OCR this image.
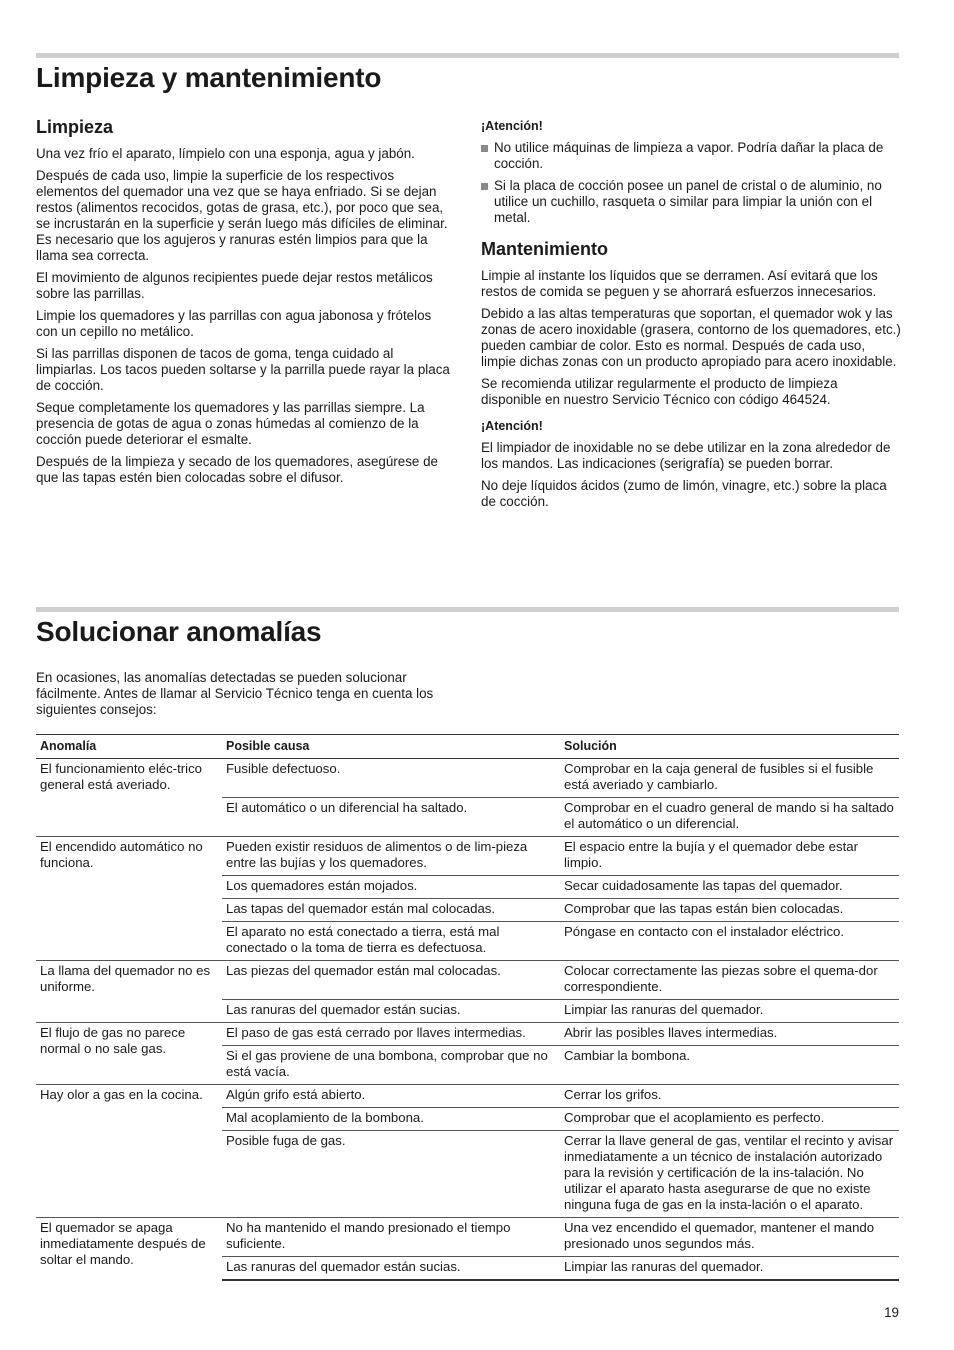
Limpieza y mantenimiento
Limpieza

Una vez frío el aparato, límpielo con una esponja, agua y jabón.

Después de cada uso, limpie la superficie de los respectivos elementos del quemador una vez que se haya enfriado. Si se dejan restos (alimentos recocidos, gotas de grasa, etc.), por poco que sea, se incrustarán en la superficie y serán luego más difíciles de eliminar. Es necesario que los agujeros y ranuras estén limpios para que la llama sea correcta.

El movimiento de algunos recipientes puede dejar restos metálicos sobre las parrillas.

Limpie los quemadores y las parrillas con agua jabonosa y frótelos con un cepillo no metálico.

Si las parrillas disponen de tacos de goma, tenga cuidado al limpiarlas. Los tacos pueden soltarse y la parrilla puede rayar la placa de cocción.

Seque completamente los quemadores y las parrillas siempre. La presencia de gotas de agua o zonas húmedas al comienzo de la cocción puede deteriorar el esmalte.

Después de la limpieza y secado de los quemadores, asegúrese de que las tapas estén bien colocadas sobre el difusor.

¡Atención!

No utilice máquinas de limpieza a vapor. Podría dañar la placa de cocción.

Si la placa de cocción posee un panel de cristal o de aluminio, no utilice un cuchillo, rasqueta o similar para limpiar la unión con el metal.

Mantenimiento

Limpie al instante los líquidos que se derramen. Así evitará que los restos de comida se peguen y se ahorrará esfuerzos innecesarios.

Debido a las altas temperaturas que soportan, el quemador wok y las zonas de acero inoxidable (grasera, contorno de los quemadores, etc.) pueden cambiar de color. Esto es normal. Después de cada uso, limpie dichas zonas con un producto apropiado para acero inoxidable.

Se recomienda utilizar regularmente el producto de limpieza disponible en nuestro Servicio Técnico con código 464524.

¡Atención!

El limpiador de inoxidable no se debe utilizar en la zona alrededor de los mandos. Las indicaciones (serigrafía) se pueden borrar.

No deje líquidos ácidos (zumo de limón, vinagre, etc.) sobre la placa de cocción.

Solucionar anomalías
En ocasiones, las anomalías detectadas se pueden solucionar fácilmente. Antes de llamar al Servicio Técnico tenga en cuenta los siguientes consejos:
Anomalía	Posible causa	Solución
El funcionamiento eléc-trico general está averiado.	Fusible defectuoso.	Comprobar en la caja general de fusibles si el fusible está averiado y cambiarlo.
	El automático o un diferencial ha saltado.	Comprobar en el cuadro general de mando si ha saltado el automático o un diferencial.
El encendido automático no funciona.	Pueden existir residuos de alimentos o de lim-pieza entre las bujías y los quemadores.	El espacio entre la bujía y el quemador debe estar limpio.
	Los quemadores están mojados.	Secar cuidadosamente las tapas del quemador.
	Las tapas del quemador están mal colocadas.	Comprobar que las tapas están bien colocadas.
	El aparato no está conectado a tierra, está mal conectado o la toma de tierra es defectuosa.	Póngase en contacto con el instalador eléctrico.
La llama del quemador no es uniforme.	Las piezas del quemador están mal colocadas.	Colocar correctamente las piezas sobre el quema-dor correspondiente.
	Las ranuras del quemador están sucias.	Limpiar las ranuras del quemador.
El flujo de gas no parece normal o no sale gas.	El paso de gas está cerrado por llaves intermedias.	Abrir las posibles llaves intermedias.
	Si el gas proviene de una bombona, comprobar que no está vacía.	Cambiar la bombona.
Hay olor a gas en la cocina.	Algún grifo está abierto.	Cerrar los grifos.
	Mal acoplamiento de la bombona.	Comprobar que el acoplamiento es perfecto.
	Posible fuga de gas.	Cerrar la llave general de gas, ventilar el recinto y avisar inmediatamente a un técnico de instalación autorizado para la revisión y certificación de la ins-talación. No utilizar el aparato hasta asegurarse de que no existe ninguna fuga de gas en la insta-lación o el aparato.
El quemador se apaga inmediatamente después de soltar el mando.	No ha mantenido el mando presionado el tiempo suficiente.	Una vez encendido el quemador, mantener el mando presionado unos segundos más.
	Las ranuras del quemador están sucias.	Limpiar las ranuras del quemador.
19
